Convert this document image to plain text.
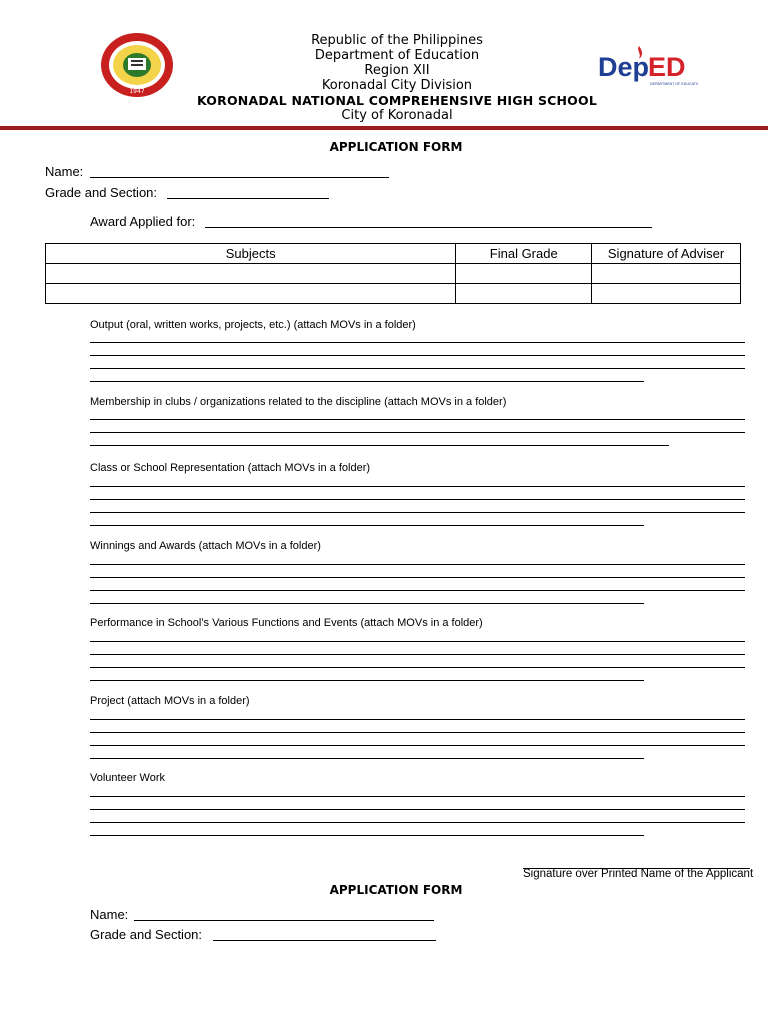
1947
Dep
ED
DEPARTMENT OF EDUCATION
Republic of the Philippines
Department of Education
Region XII
Koronadal City Division
KORONADAL NATIONAL COMPREHENSIVE HIGH SCHOOL
City of Koronadal
APPLICATION FORM
Name:
Grade and Section:
Award Applied for:
Subjects	Final Grade	Signature of Adviser

Output (oral, written works, projects, etc.) (attach MOVs in a folder)
Membership in clubs / organizations related to the discipline (attach MOVs in a folder)
Class or School Representation (attach MOVs in a folder)
Winnings and Awards (attach MOVs in a folder)
Performance in School’s Various Functions and Events (attach MOVs in a folder)
Project (attach MOVs in a folder)
Volunteer Work
Signature over Printed Name of the Applicant
APPLICATION FORM
Name:
Grade and Section:
